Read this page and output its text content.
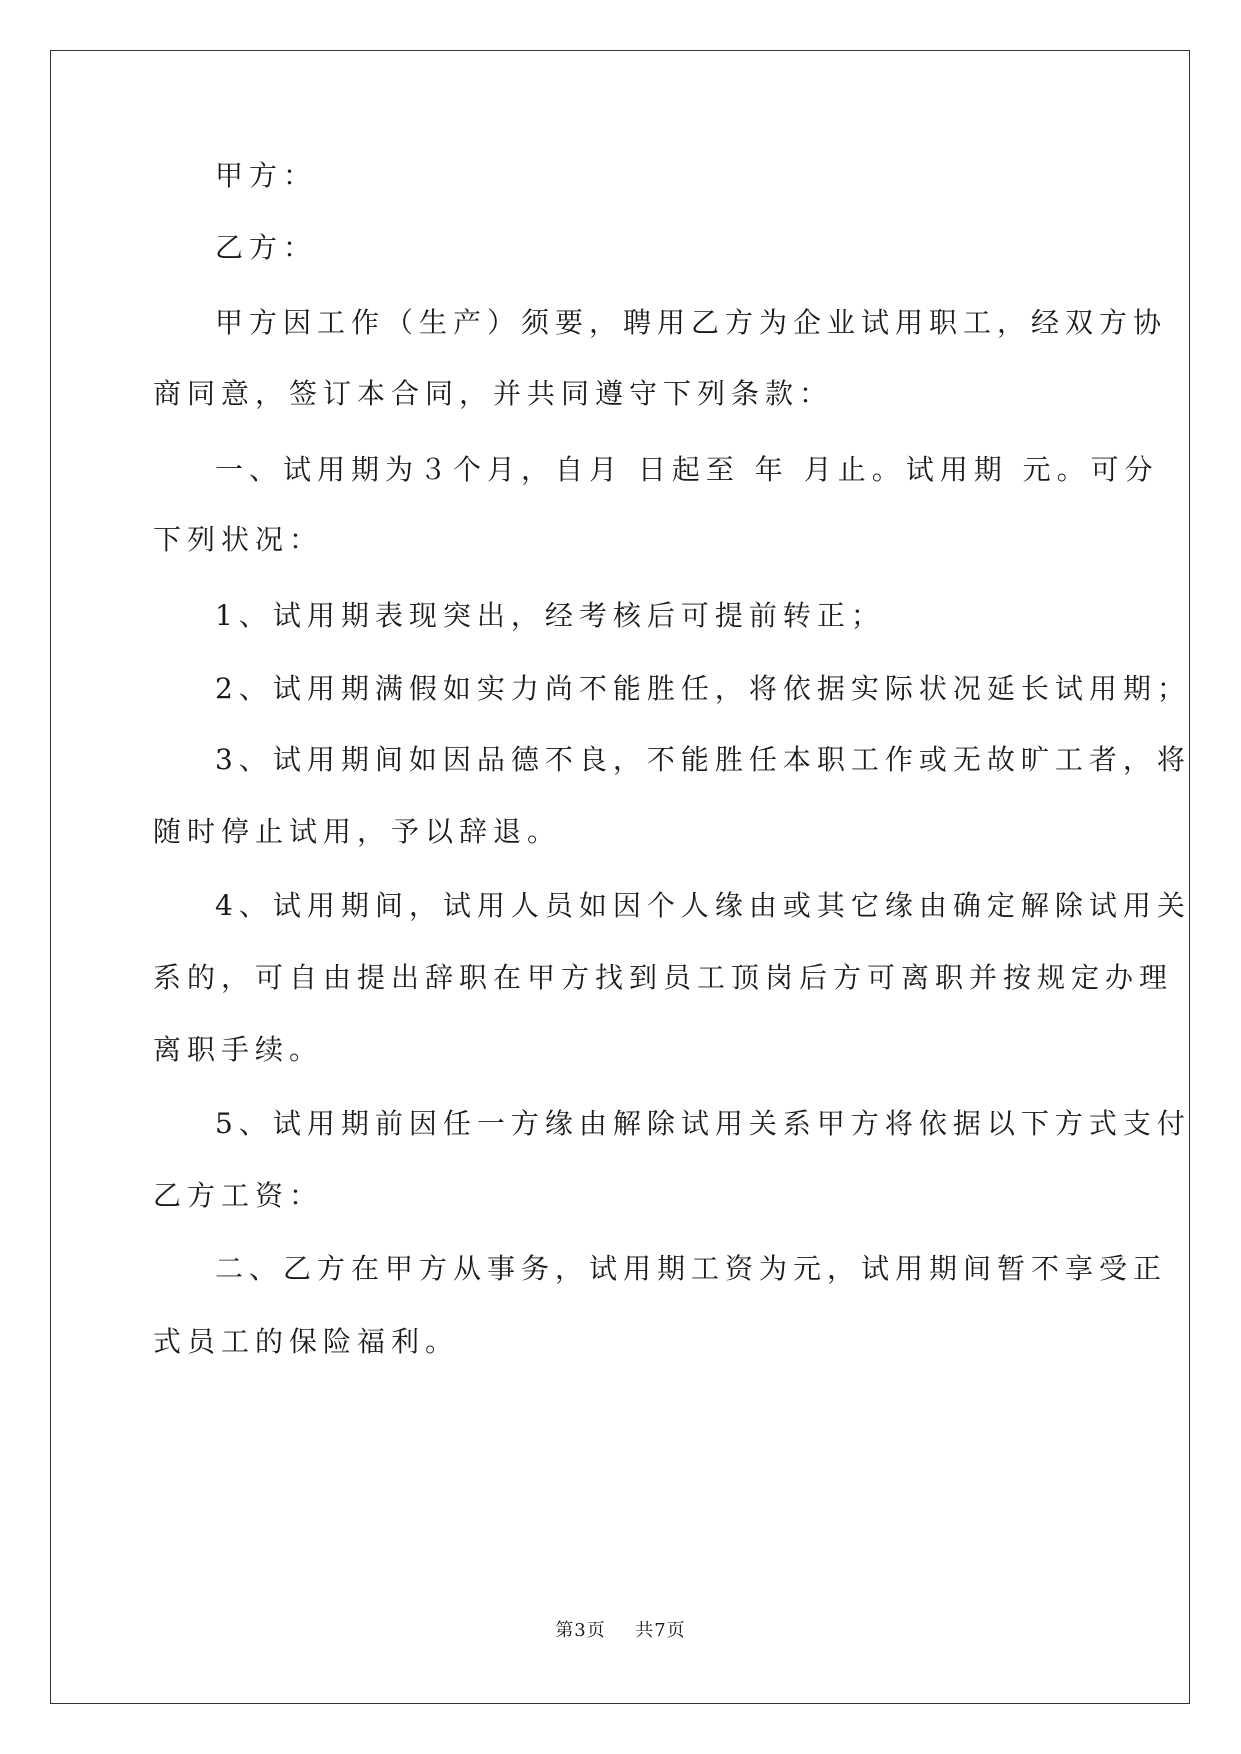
甲方：
乙方：
甲方因工作（生产）须要，聘用乙方为企业试用职工，经双方协
商同意，签订本合同，并共同遵守下列条款：
一、试用期为３个月，自月 日起至 年 月止。试用期 元。可分
下列状况：
1、试用期表现突出，经考核后可提前转正；
2、试用期满假如实力尚不能胜任，将依据实际状况延长试用期；
3、试用期间如因品德不良，不能胜任本职工作或无故旷工者，将
随时停止试用，予以辞退。
4、试用期间，试用人员如因个人缘由或其它缘由确定解除试用关
系的，可自由提出辞职在甲方找到员工顶岗后方可离职并按规定办理
离职手续。
5、试用期前因任一方缘由解除试用关系甲方将依据以下方式支付
乙方工资：
二、乙方在甲方从事务，试用期工资为元，试用期间暂不享受正
式员工的保险福利。
第3页 共7页
